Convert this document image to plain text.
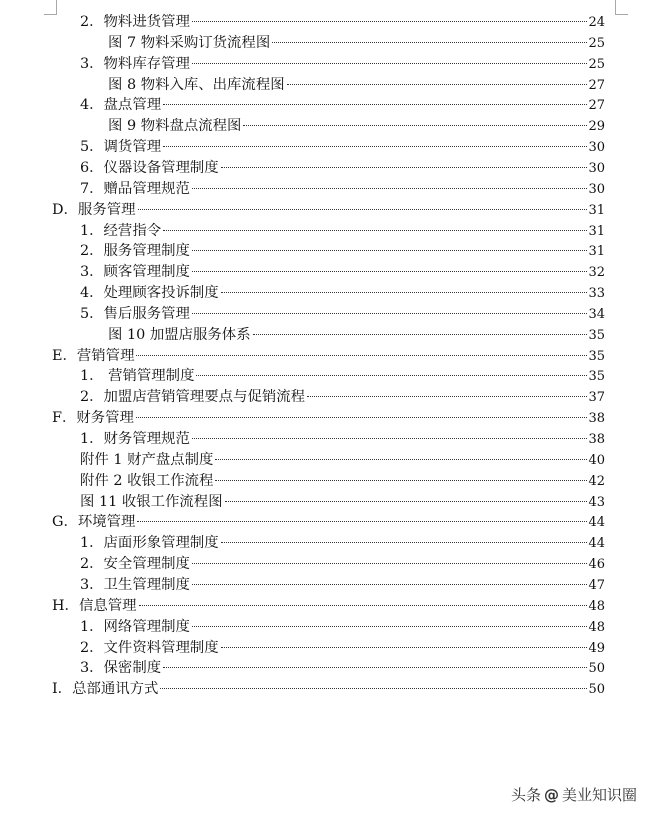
2．物料进货管理	24
图 7 物料采购订货流程图	25
3．物料库存管理	25
图 8 物料入库、出库流程图	27
4．盘点管理	27
图 9 物料盘点流程图	29
5．调货管理	30
6．仪器设备管理制度	30
7．赠品管理规范	30
D．服务管理	31
1．经营指令	31
2．服务管理制度	31
3．顾客管理制度	32
4．处理顾客投诉制度	33
5．售后服务管理	34
图 10 加盟店服务体系	35
E．营销管理	35
1． 营销管理制度	35
2．加盟店营销管理要点与促销流程	37
F．财务管理	38
1．财务管理规范	38
附件 1 财产盘点制度	40
附件 2 收银工作流程	42
图 11 收银工作流程图	43
G．环境管理	44
1．店面形象管理制度	44
2．安全管理制度	46
3．卫生管理制度	47
H．信息管理	48
1．网络管理制度	48
2．文件资料管理制度	49
3．保密制度	50
I．总部通讯方式	50
头条 @ 美业知识圈
